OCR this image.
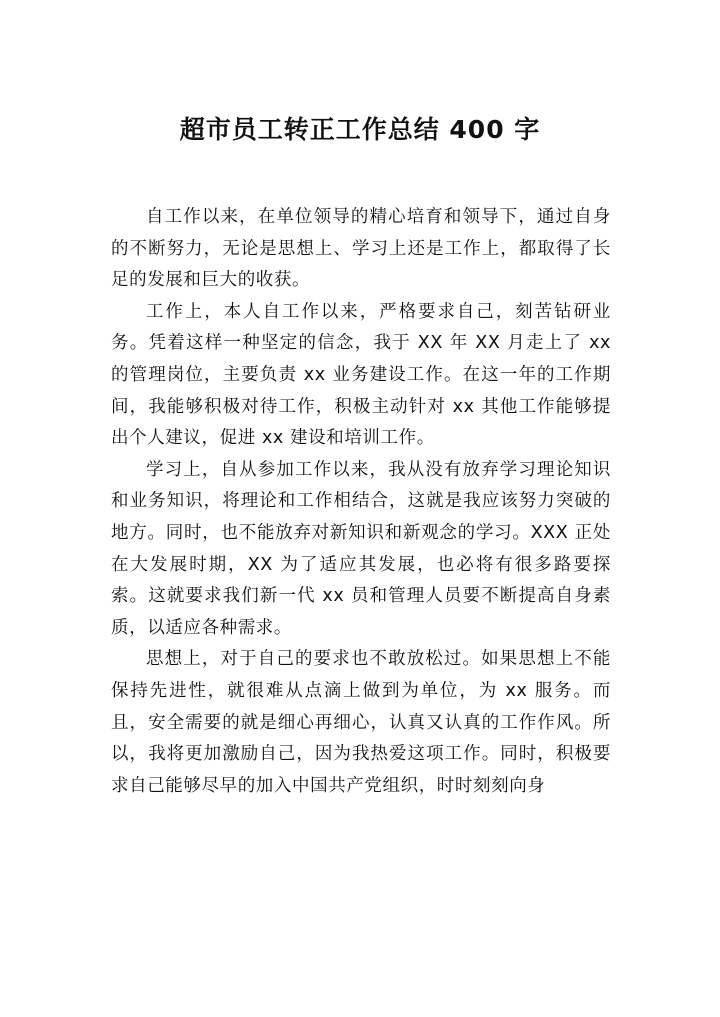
超市员工转正工作总结 400 字

自工作以来，在单位领导的精心培育和领导下，通过自身的不断努力，无论是思想上、学习上还是工作上，都取得了长足的发展和巨大的收获。

工作上，本人自工作以来，严格要求自己，刻苦钻研业务。凭着这样一种坚定的信念，我于 XX 年 XX 月走上了 xx 的管理岗位，主要负责 xx 业务建设工作。在这一年的工作期间，我能够积极对待工作，积极主动针对 xx 其他工作能够提出个人建议，促进 xx 建设和培训工作。

学习上，自从参加工作以来，我从没有放弃学习理论知识和业务知识，将理论和工作相结合，这就是我应该努力突破的地方。同时，也不能放弃对新知识和新观念的学习。XXX 正处在大发展时期，XX 为了适应其发展，也必将有很多路要探索。这就要求我们新一代 xx 员和管理人员要不断提高自身素质，以适应各种需求。

思想上，对于自己的要求也不敢放松过。如果思想上不能保持先进性，就很难从点滴上做到为单位，为 xx 服务。而且，安全需要的就是细心再细心，认真又认真的工作作风。所以，我将更加激励自己，因为我热爱这项工作。同时，积极要求自己能够尽早的加入中国共产党组织，时时刻刻向身
